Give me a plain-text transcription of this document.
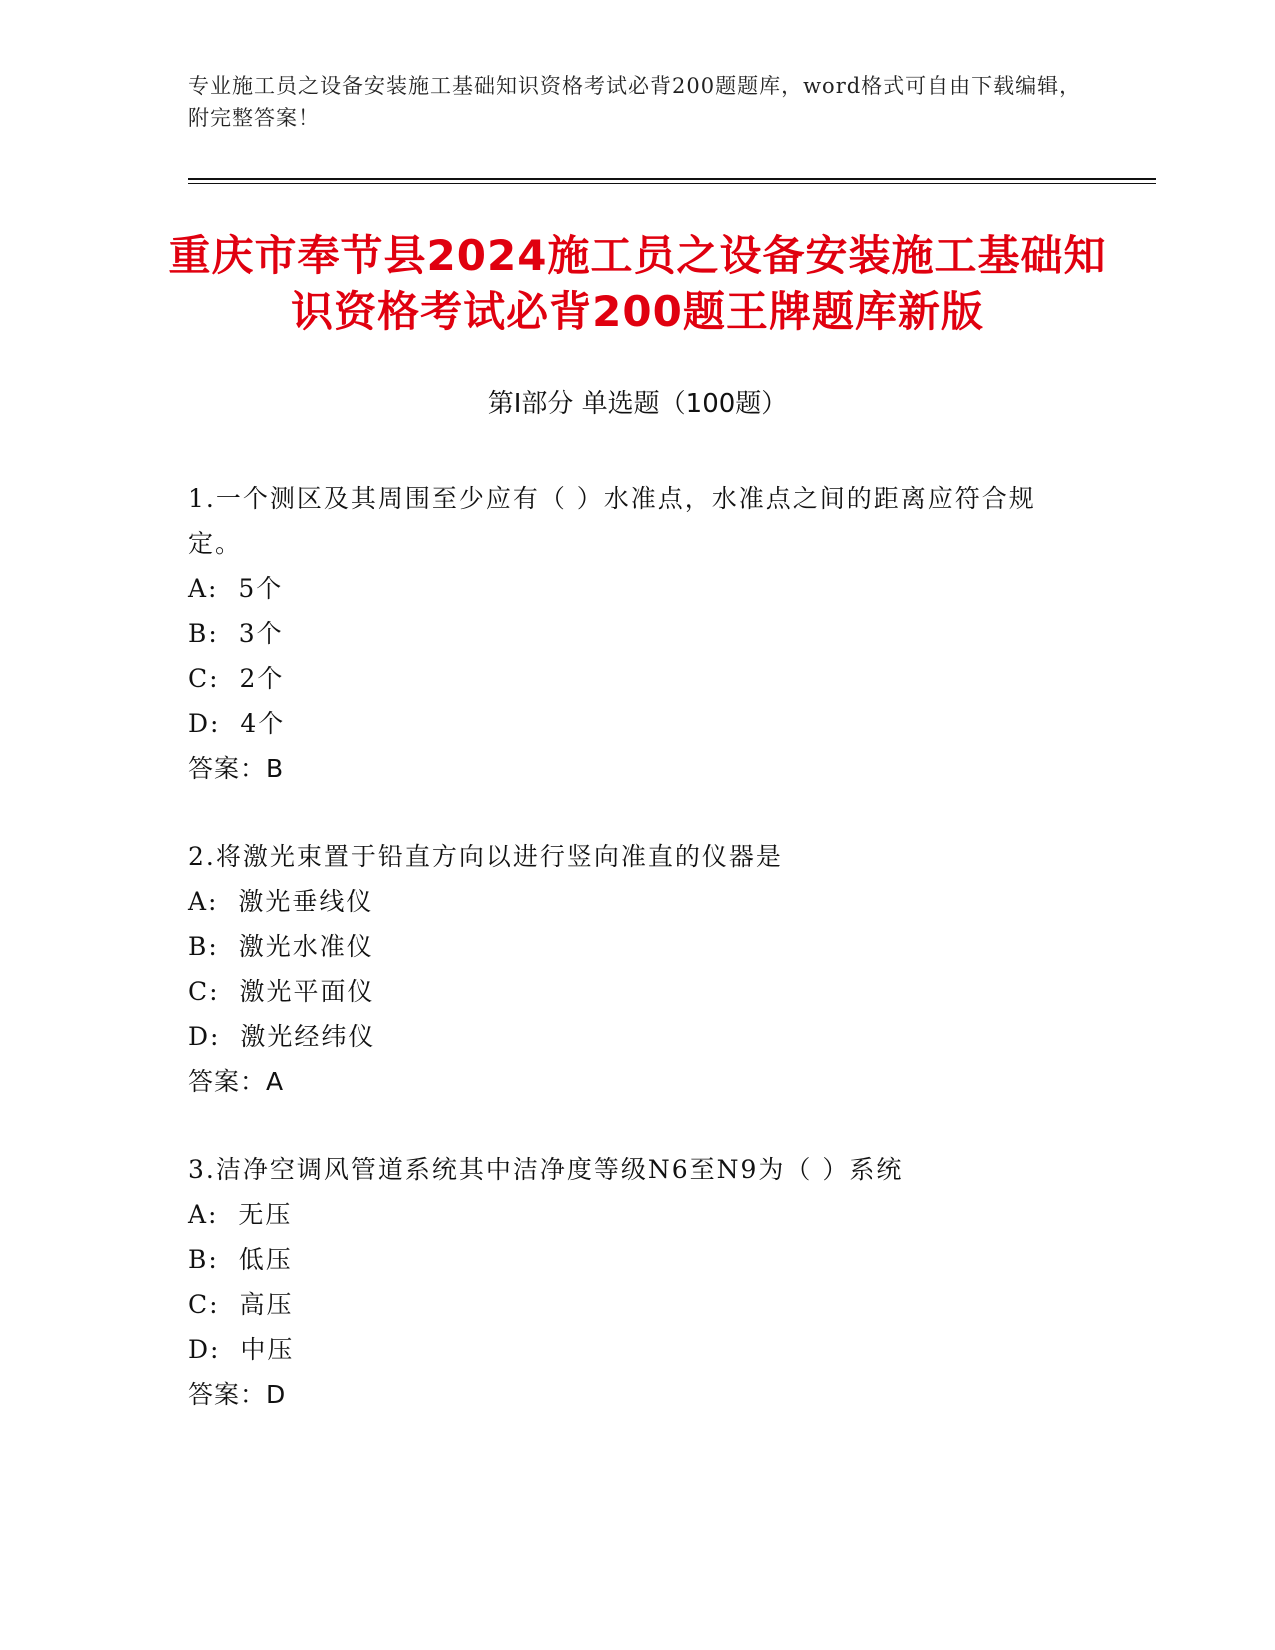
专业施工员之设备安装施工基础知识资格考试必背200题题库，word格式可自由下载编辑，附完整答案！
重庆市奉节县2024施工员之设备安装施工基础知识资格考试必背200题王牌题库新版
第Ⅰ部分 单选题（100题）
1.一个测区及其周围至少应有（ ）水准点，水准点之间的距离应符合规定。
A:  5个
B:  3个
C:  2个
D:  4个
答案：B
2.将激光束置于铅直方向以进行竖向准直的仪器是
A:  激光垂线仪
B:  激光水准仪
C:  激光平面仪
D:  激光经纬仪
答案：A
3.洁净空调风管道系统其中洁净度等级N6至N9为（ ）系统
A:  无压
B:  低压
C:  高压
D:  中压
答案：D
